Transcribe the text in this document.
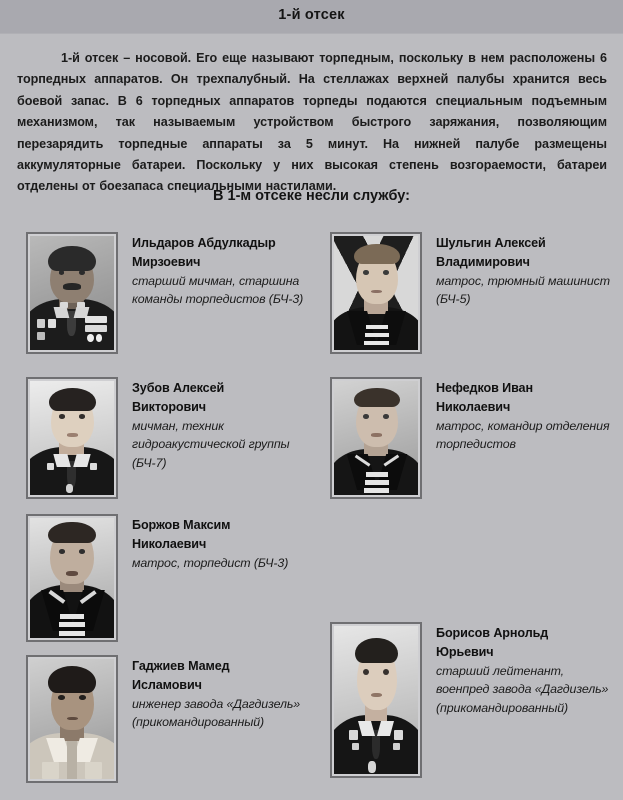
1-й отсек
1-й отсек – носовой. Его еще называют торпедным, поскольку в нем расположены 6 торпедных аппаратов. Он трехпалубный. На стеллажах верхней палубы хранится весь боевой запас. В 6 торпедных аппаратов торпеды подаются специальным подъемным механизмом, так называемым устройством быстрого заряжания, позволяющим перезарядить торпедные аппараты за 5 минут. На нижней палубе размещены аккумуляторные батареи. Поскольку у них высокая степень возгораемости, батареи отделены от боезапаса специальными настилами.
В 1-м отсеке несли службу:
Ильдаров Абдулкадыр
Мирзоевич
старший мичман, старшина команды торпедистов (БЧ-3)
Шульгин Алексей
Владимирович
матрос, трюмный машинист (БЧ-5)
Зубов Алексей
Викторович
мичман, техник гидроакустической группы (БЧ-7)
Нефедков Иван
Николаевич
матрос, командир отделения торпедистов
Боржов Максим
Николаевич
матрос, торпедист (БЧ-3)
Гаджиев Мамед
Исламович
инженер завода «Дагдизель» (прикомандированный)
Борисов Арнольд
Юрьевич
старший лейтенант, военпред завода «Дагдизель» (прикомандированный)
